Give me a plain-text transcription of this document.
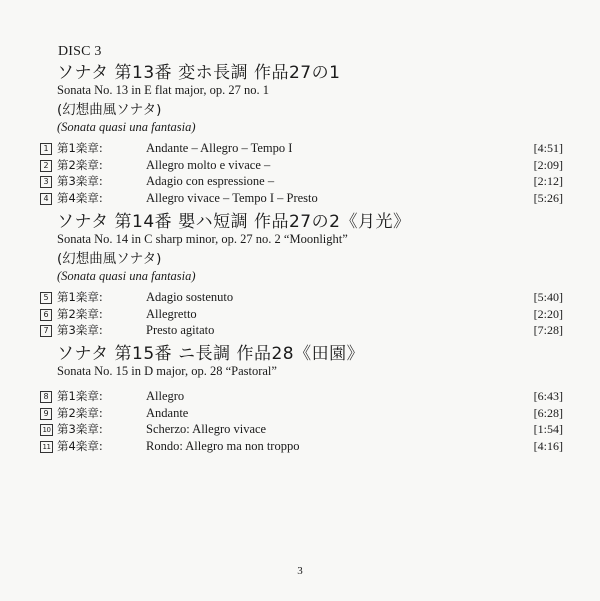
DISC 3
ソナタ 第13番 変ホ長調 作品27の1
Sonata No. 13 in E flat major, op. 27 no. 1
(幻想曲風ソナタ)
(Sonata quasi una fantasia)
1 第1楽章:	Andante – Allegro – Tempo I	[4:51]
2 第2楽章:	Allegro molto e vivace –	[2:09]
3 第3楽章:	Adagio con espressione –	[2:12]
4 第4楽章:	Allegro vivace – Tempo I – Presto	[5:26]
ソナタ 第14番 嬰ハ短調 作品27の2《月光》
Sonata No. 14 in C sharp minor, op. 27 no. 2 “Moonlight”
(幻想曲風ソナタ)
(Sonata quasi una fantasia)
5 第1楽章:	Adagio sostenuto	[5:40]
6 第2楽章:	Allegretto	[2:20]
7 第3楽章:	Presto agitato	[7:28]
ソナタ 第15番 ニ長調 作品28《田園》
Sonata No. 15 in D major, op. 28 “Pastoral”
8 第1楽章:	Allegro	[6:43]
9 第2楽章:	Andante	[6:28]
10 第3楽章:	Scherzo: Allegro vivace	[1:54]
11 第4楽章:	Rondo: Allegro ma non troppo	[4:16]
3
